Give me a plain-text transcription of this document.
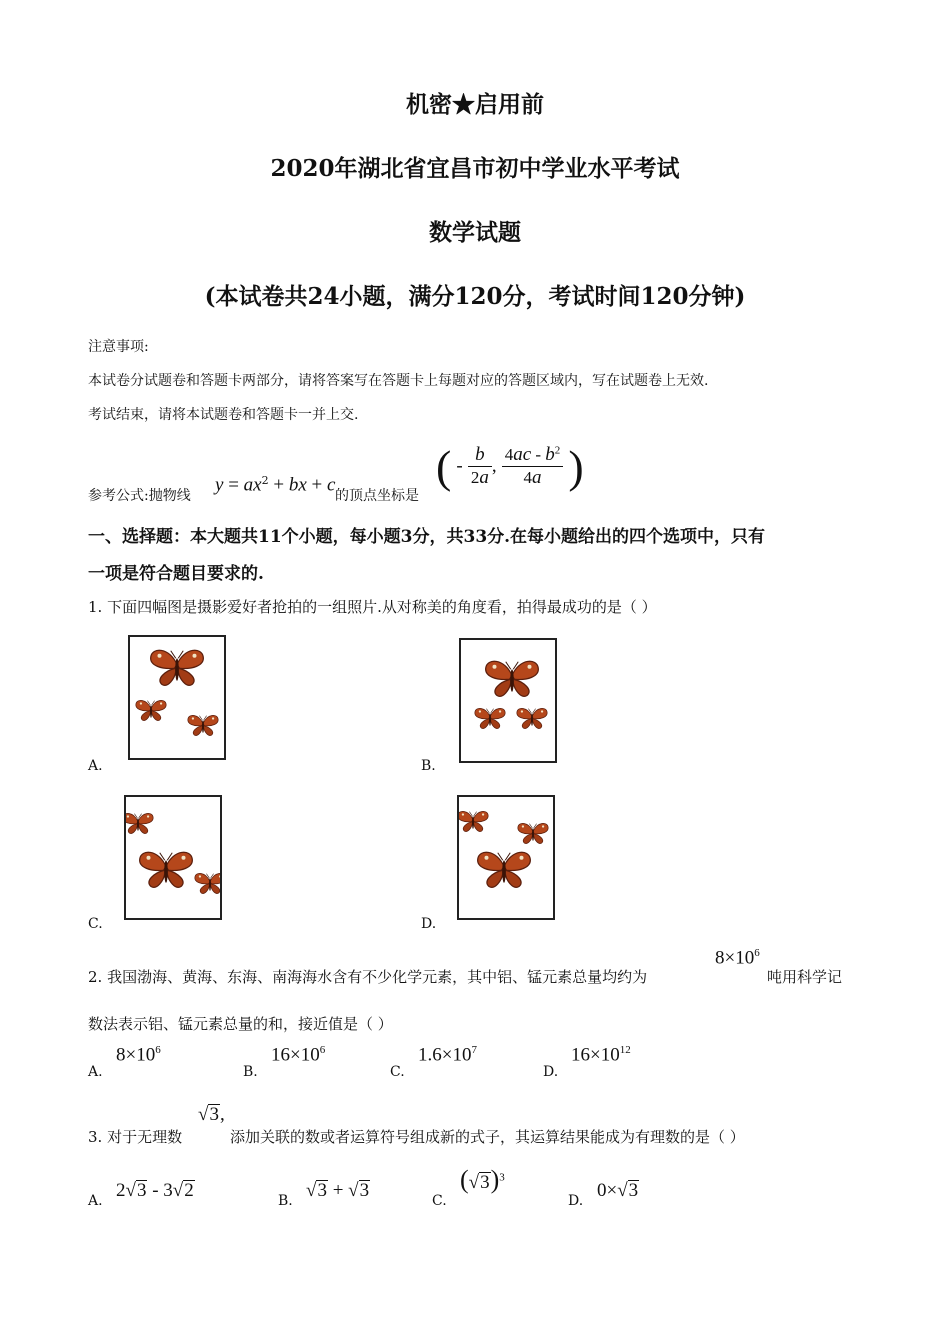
机密★启用前
2020年湖北省宜昌市初中学业水平考试
数学试题
(本试卷共24小题，满分120分，考试时间120分钟)
注意事项:
本试卷分试题卷和答题卡两部分，请将答案写在答题卡上每题对应的答题区域内，写在试题卷上无效.
考试结束，请将本试题卷和答题卡一并上交.
参考公式:抛物线
$y = ax^2$ + bx + c
的顶点坐标是
( - $\frac{b}{2a}$ , $\frac{4ac - b^2}{4a}$ )
一、选择题：本大题共11个小题，每小题3分，共33分.在每小题给出的四个选项中，只有
一项是符合题目要求的.
1. 下面四幅图是摄影爱好者抢拍的一组照片.从对称美的角度看，拍得最成功的是（ ）
A.	B.
C.	D.
2. 我国渤海、黄海、东海、南海海水含有不少化学元素，其中铝、锰元素总量均约为
$8\times 10^6$
吨用科学记
数法表示铝、锰元素总量的和，接近值是（ ）
A.
$8\times 10^6$
B.
$16\times 10^6$
C.
$1.6\times 10^7$
D.
$16\times 10^{12}$
3. 对于无理数
√3,
添加关联的数或者运算符号组成新的式子，其运算结果能成为有理数的是（ ）
A. 2√3 - 3√2	B. √3 + √3	C.
$(√3)^3$
D. 0×√3
